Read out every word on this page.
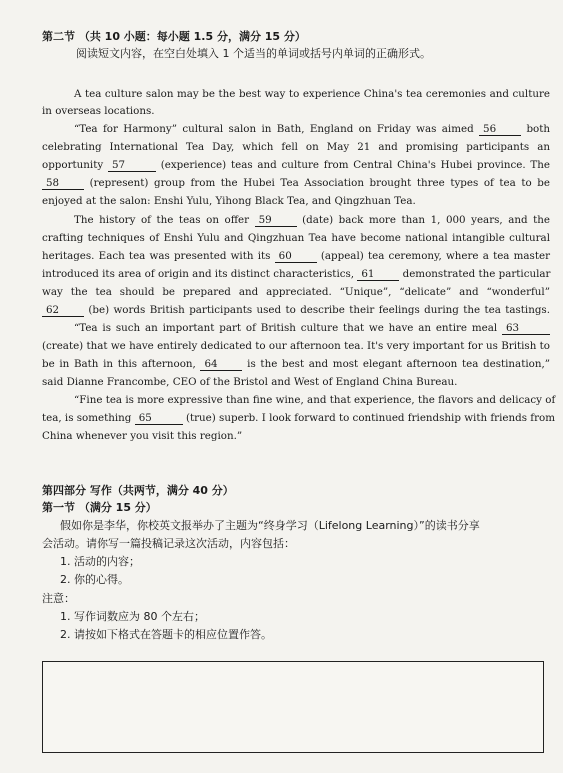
第二节 （共 10 小题：每小题 1.5 分，满分 15 分）
阅读短文内容，在空白处填入 1 个适当的单词或括号内单词的正确形式。
A tea culture salon may be the best way to experience China's tea ceremonies and culture
in overseas locations.
“Tea for Harmony” cultural salon in Bath, England on Friday was aimed 56	both
celebrating International Tea Day, which fell on May 21 and promising participants an
opportunity 57	(experience) teas and culture from Central China's Hubei province. The
58	(represent) group from the Hubei Tea Association brought three types of tea to be
enjoyed at the salon: Enshi Yulu, Yihong Black Tea, and Qingzhuan Tea.
The history of the teas on offer 59	(date) back more than 1, 000 years, and the
crafting techniques of Enshi Yulu and Qingzhuan Tea have become national intangible cultural
heritages. Each tea was presented with its 60	(appeal) tea ceremony, where a tea master
introduced its area of origin and its distinct characteristics, 61	demonstrated the particular
way the tea should be prepared and appreciated. “Unique”, “delicate” and “wonderful”
62	(be) words British participants used to describe their feelings during the tea tastings.
“Tea is such an important part of British culture that we have an entire meal 63
(create) that we have entirely dedicated to our afternoon tea. It's very important for us British to
be in Bath in this afternoon, 64	is the best and most elegant afternoon tea destination,”
said Dianne Francombe, CEO of the Bristol and West of England China Bureau.
“Fine tea is more expressive than fine wine, and that experience, the flavors and delicacy of
tea, is something 65	(true) superb. I look forward to continued friendship with friends from
China whenever you visit this region.”
第四部分 写作（共两节，满分 40 分）
第一节 （满分 15 分）
假如你是李华，你校英文报举办了主题为“终身学习（Lifelong Learning）”的读书分享
会活动。请你写一篇投稿记录这次活动，内容包括：
1. 活动的内容；
2. 你的心得。
注意：
1. 写作词数应为 80 个左右；
2. 请按如下格式在答题卡的相应位置作答。
